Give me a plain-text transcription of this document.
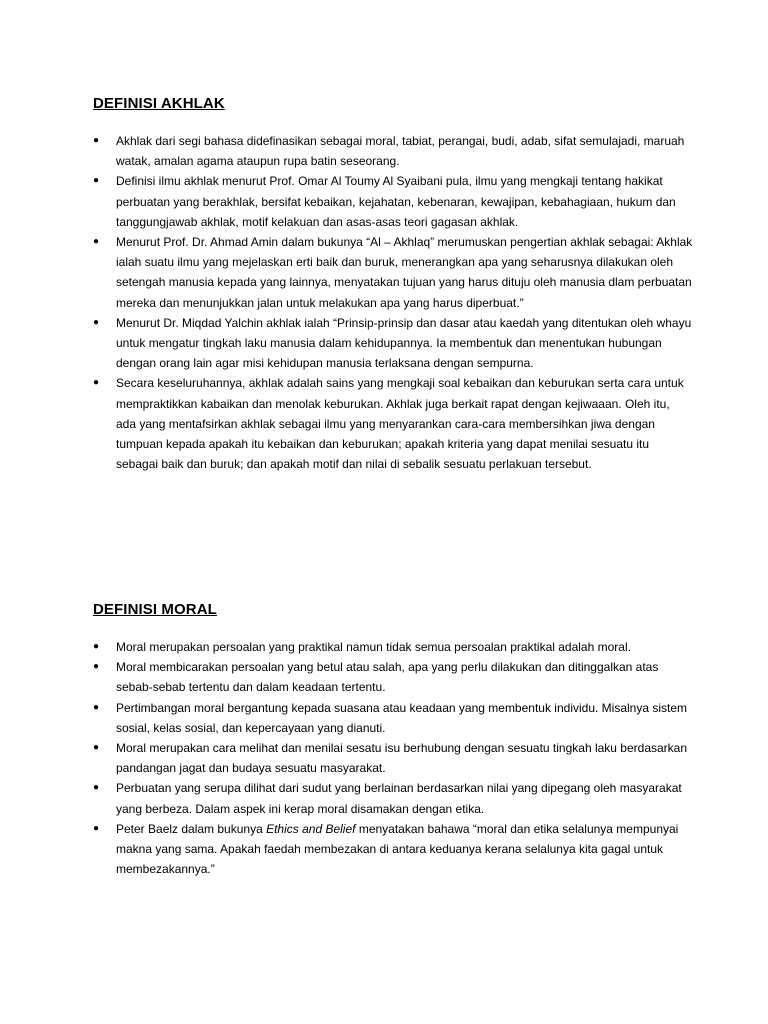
DEFINISI AKHLAK
●	Akhlak dari segi bahasa didefinasikan sebagai moral, tabiat, perangai, budi, adab, sifat semulajadi, maruah watak, amalan agama ataupun rupa batin seseorang.
●	Definisi ilmu akhlak menurut Prof. Omar Al Toumy Al Syaibani pula, ilmu yang mengkaji tentang hakikat perbuatan yang berakhlak, bersifat kebaikan, kejahatan, kebenaran, kewajipan, kebahagiaan, hukum dan tanggungjawab akhlak, motif kelakuan dan asas-asas teori gagasan akhlak.
●	Menurut Prof. Dr. Ahmad Amin dalam bukunya “Al – Akhlaq” merumuskan pengertian akhlak sebagai: Akhlak ialah suatu ilmu yang mejelaskan erti baik dan buruk, menerangkan apa yang seharusnya dilakukan oleh setengah manusia kepada yang lainnya, menyatakan tujuan yang harus dituju oleh manusia dlam perbuatan mereka dan menunjukkan jalan untuk melakukan apa yang harus diperbuat.”
●	Menurut Dr. Miqdad Yalchin akhlak ialah “Prinsip-prinsip dan dasar atau kaedah yang ditentukan oleh whayu untuk mengatur tingkah laku manusia dalam kehidupannya. Ia membentuk dan menentukan hubungan dengan orang lain agar misi kehidupan manusia terlaksana dengan sempurna.
●	Secara keseluruhannya, akhlak adalah sains yang mengkaji soal kebaikan dan keburukan serta cara untuk mempraktikkan kabaikan dan menolak keburukan. Akhlak juga berkait rapat dengan kejiwaaan. Oleh itu, ada yang mentafsirkan akhlak sebagai ilmu yang menyarankan cara-cara membersihkan jiwa dengan tumpuan kepada apakah itu kebaikan dan keburukan; apakah kriteria yang dapat menilai sesuatu itu sebagai baik dan buruk; dan apakah motif dan nilai di sebalik sesuatu perlakuan tersebut.
DEFINISI MORAL
●	Moral merupakan persoalan yang praktikal namun tidak semua persoalan praktikal adalah moral.
●	Moral membicarakan persoalan yang betul atau salah, apa yang perlu dilakukan dan ditinggalkan atas sebab-sebab tertentu dan dalam keadaan tertentu.
●	Pertimbangan moral bergantung kepada suasana atau keadaan yang membentuk individu. Misalnya sistem sosial, kelas sosial, dan kepercayaan yang dianuti.
●	Moral merupakan cara melihat dan menilai sesatu isu berhubung dengan sesuatu tingkah laku berdasarkan pandangan jagat dan budaya sesuatu masyarakat.
●	Perbuatan yang serupa dilihat dari sudut yang berlainan berdasarkan nilai yang dipegang oleh masyarakat yang berbeza. Dalam aspek ini kerap moral disamakan dengan etika.
●	Peter Baelz dalam bukunya Ethics and Belief menyatakan bahawa “moral dan etika selalunya mempunyai makna yang sama. Apakah faedah membezakan di antara keduanya kerana selalunya kita gagal untuk membezakannya.”
